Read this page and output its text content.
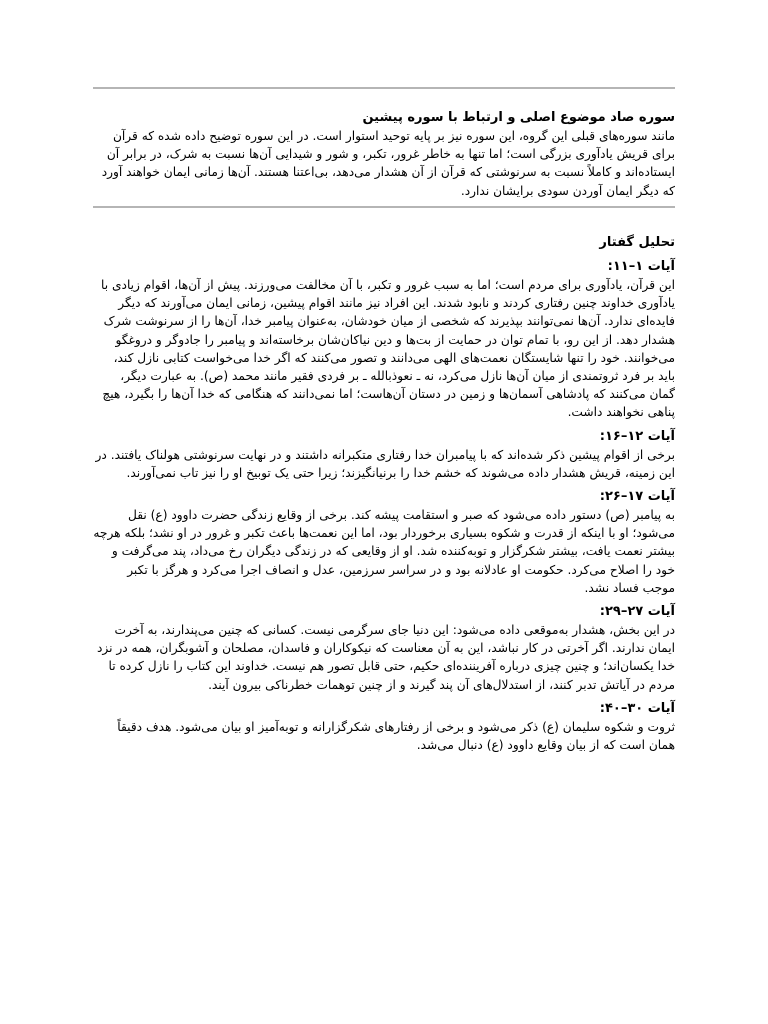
سوره صاد موضوع اصلی و ارتباط با سوره پیشین

مانند سوره‌های قبلی این گروه، این سوره نیز بر پایه توحید استوار است. در این سوره توضیح داده شده که قرآن برای قریش یادآوری بزرگی است؛ اما تنها به خاطر غرور، تکبر، و شور و شیدایی آن‌ها نسبت به شرک، در برابر آن ایستاده‌اند و کاملاً نسبت به سرنوشتی که قرآن از آن هشدار می‌دهد، بی‌اعتنا هستند. آن‌ها زمانی ایمان خواهند آورد که دیگر ایمان آوردن سودی برایشان ندارد.

تحلیل گفتار
آیات ۱–۱۱:

این قرآن، یادآوری برای مردم است؛ اما به سبب غرور و تکبر، با آن مخالفت می‌ورزند. پیش از آن‌ها، اقوام زیادی با یادآوری خداوند چنین رفتاری کردند و نابود شدند. این افراد نیز مانند اقوام پیشین، زمانی ایمان می‌آورند که دیگر فایده‌ای ندارد. آن‌ها نمی‌توانند بپذیرند که شخصی از میان خودشان، به‌عنوان پیامبر خدا، آن‌ها را از سرنوشت شرک هشدار دهد. از این رو، با تمام توان در حمایت از بت‌ها و دین نیاکان‌شان برخاسته‌اند و پیامبر را جادوگر و دروغگو می‌خوانند. خود را تنها شایستگان نعمت‌های الهی می‌دانند و تصور می‌کنند که اگر خدا می‌خواست کتابی نازل کند، باید بر فرد ثروتمندی از میان آن‌ها نازل می‌کرد، نه ـ نعوذبالله ـ بر فردی فقیر مانند محمد (ص). به عبارت دیگر، گمان می‌کنند که پادشاهی آسمان‌ها و زمین در دستان آن‌هاست؛ اما نمی‌دانند که هنگامی که خدا آن‌ها را بگیرد، هیچ پناهی نخواهند داشت.

آیات ۱۲–۱۶:

برخی از اقوام پیشین ذکر شده‌اند که با پیامبران خدا رفتاری متکبرانه داشتند و در نهایت سرنوشتی هولناک یافتند. در این زمینه، قریش هشدار داده می‌شوند که خشم خدا را برنیانگیزند؛ زیرا حتی یک توبیخ او را نیز تاب نمی‌آورند.

آیات ۱۷–۲۶:

به پیامبر (ص) دستور داده می‌شود که صبر و استقامت پیشه کند. برخی از وقایع زندگی حضرت داوود (ع) نقل می‌شود؛ او با اینکه از قدرت و شکوه بسیاری برخوردار بود، اما این نعمت‌ها باعث تکبر و غرور در او نشد؛ بلکه هرچه بیشتر نعمت یافت، بیشتر شکرگزار و توبه‌کننده شد. او از وقایعی که در زندگی دیگران رخ می‌داد، پند می‌گرفت و خود را اصلاح می‌کرد. حکومت او عادلانه بود و در سراسر سرزمین، عدل و انصاف اجرا می‌کرد و هرگز با تکبر موجب فساد نشد.

آیات ۲۷–۲۹:

در این بخش، هشدار به‌موقعی داده می‌شود: این دنیا جای سرگرمی نیست. کسانی که چنین می‌پندارند، به آخرت ایمان ندارند. اگر آخرتی در کار نباشد، این به آن معناست که نیکوکاران و فاسدان، مصلحان و آشوبگران، همه در نزد خدا یکسان‌اند؛ و چنین چیزی درباره آفریننده‌ای حکیم، حتی قابل تصور هم نیست. خداوند این کتاب را نازل کرده تا مردم در آیاتش تدبر کنند، از استدلال‌های آن پند گیرند و از چنین توهمات خطرناکی بیرون آیند.

آیات ۳۰–۴۰:

ثروت و شکوه سلیمان (ع) ذکر می‌شود و برخی از رفتارهای شکرگزارانه و توبه‌آمیز او بیان می‌شود. هدف دقیقاً همان است که از بیان وقایع داوود (ع) دنبال می‌شد.
